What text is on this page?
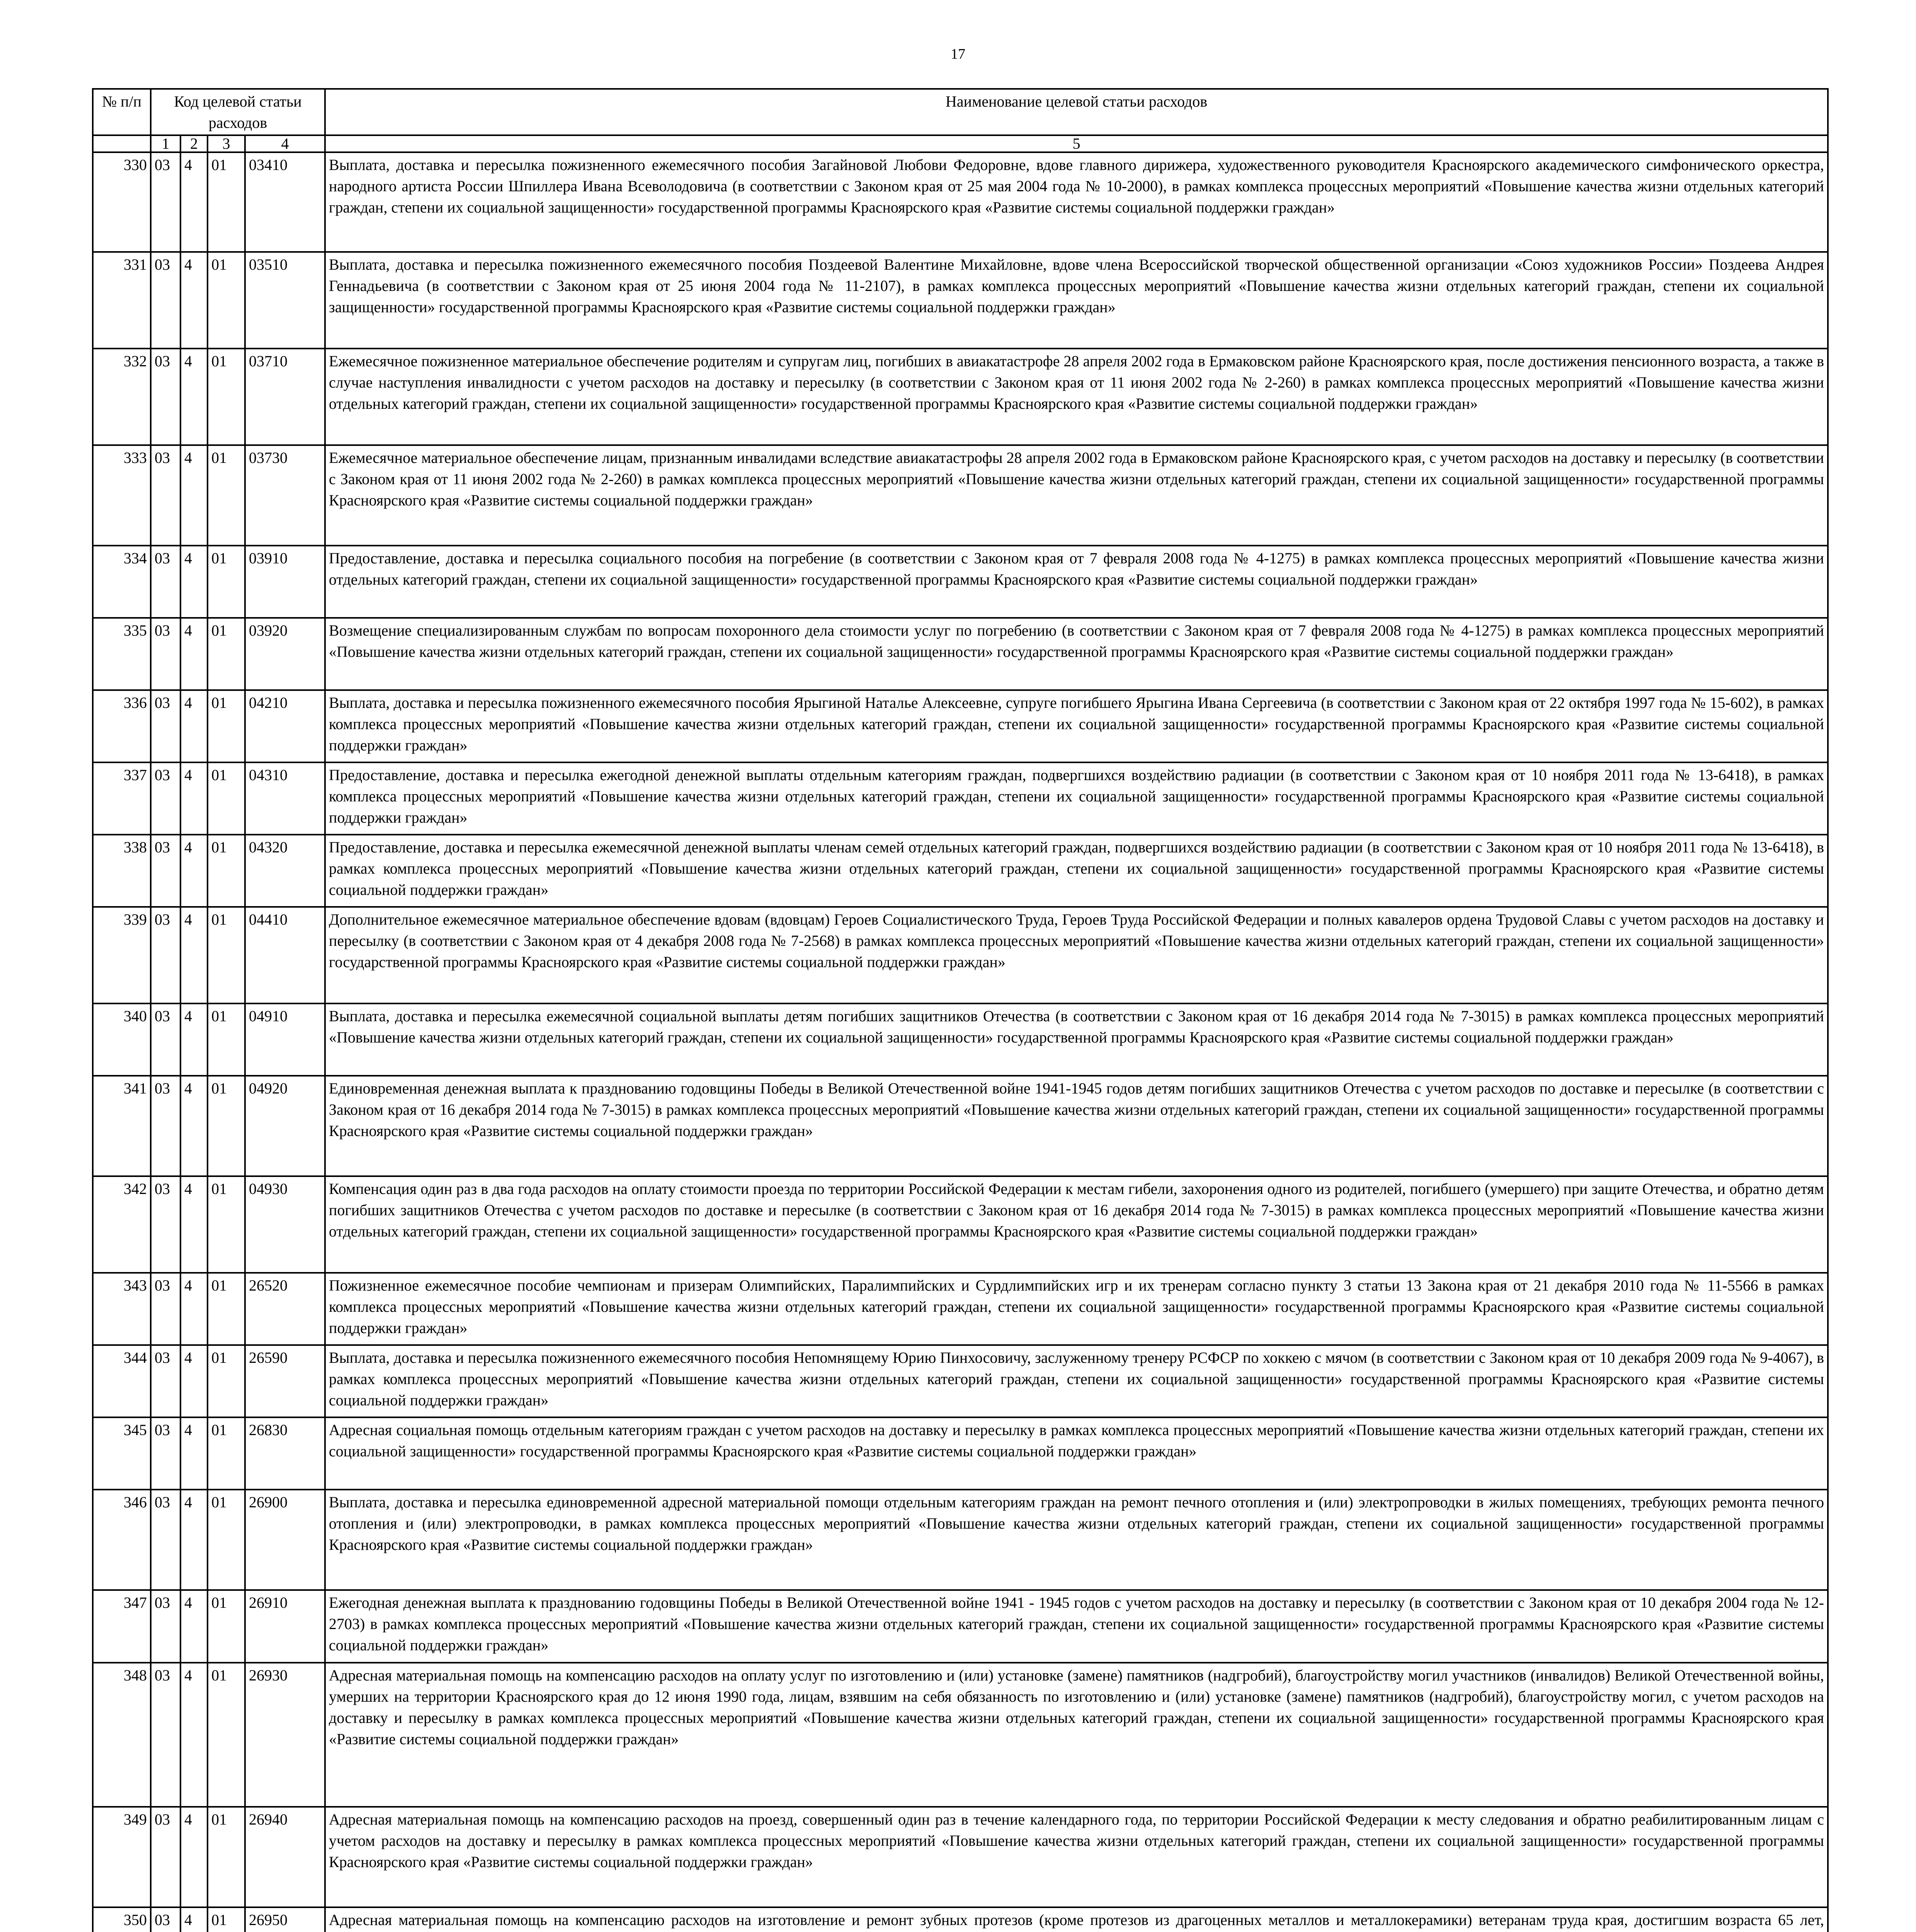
17
№ п/п	Код целевой статьи расходов				Наименование целевой статьи расходов

	1	2	3	4	5
330	03	4	01	03410	Выплата, доставка и пересылка пожизненного ежемесячного пособия Загайновой Любови Федоровне, вдове главного дирижера, художественного руководителя Красноярского академического симфонического оркестра, народного артиста России Шпиллера Ивана Всеволодовича (в соответствии с Законом края от 25 мая 2004 года № 10-2000), в рамках комплекса процессных мероприятий «Повышение качества жизни отдельных категорий граждан, степени их социальной защищенности» государственной программы Красноярского края «Развитие системы социальной поддержки граждан»
331	03	4	01	03510	Выплата, доставка и пересылка пожизненного ежемесячного пособия Поздеевой Валентине Михайловне, вдове члена Всероссийской творческой общественной организации «Союз художников России» Поздеева Андрея Геннадьевича (в соответствии с Законом края от 25 июня 2004 года № 11-2107), в рамках комплекса процессных мероприятий «Повышение качества жизни отдельных категорий граждан, степени их социальной защищенности» государственной программы Красноярского края «Развитие системы социальной поддержки граждан»
332	03	4	01	03710	Ежемесячное пожизненное материальное обеспечение родителям и супругам лиц, погибших в авиакатастрофе 28 апреля 2002 года в Ермаковском районе Красноярского края, после достижения пенсионного возраста, а также в случае наступления инвалидности с учетом расходов на доставку и пересылку (в соответствии с Законом края от 11 июня 2002 года № 2-260) в рамках комплекса процессных мероприятий «Повышение качества жизни отдельных категорий граждан, степени их социальной защищенности» государственной программы Красноярского края «Развитие системы социальной поддержки граждан»
333	03	4	01	03730	Ежемесячное материальное обеспечение лицам, признанным инвалидами вследствие авиакатастрофы 28 апреля 2002 года в Ермаковском районе Красноярского края, с учетом расходов на доставку и пересылку (в соответствии с Законом края от 11 июня 2002 года № 2-260) в рамках комплекса процессных мероприятий «Повышение качества жизни отдельных категорий граждан, степени их социальной защищенности» государственной программы Красноярского края «Развитие системы социальной поддержки граждан»
334	03	4	01	03910	Предоставление, доставка и пересылка социального пособия на погребение (в соответствии с Законом края от 7 февраля 2008 года № 4-1275) в рамках комплекса процессных мероприятий «Повышение качества жизни отдельных категорий граждан, степени их социальной защищенности» государственной программы Красноярского края «Развитие системы социальной поддержки граждан»
335	03	4	01	03920	Возмещение специализированным службам по вопросам похоронного дела стоимости услуг по погребению (в соответствии с Законом края от 7 февраля 2008 года № 4-1275) в рамках комплекса процессных мероприятий «Повышение качества жизни отдельных категорий граждан, степени их социальной защищенности» государственной программы Красноярского края «Развитие системы социальной поддержки граждан»
336	03	4	01	04210	Выплата, доставка и пересылка пожизненного ежемесячного пособия Ярыгиной Наталье Алексеевне, супруге погибшего Ярыгина Ивана Сергеевича (в соответствии с Законом края от 22 октября 1997 года № 15-602), в рамках комплекса процессных мероприятий «Повышение качества жизни отдельных категорий граждан, степени их социальной защищенности» государственной программы Красноярского края «Развитие системы социальной поддержки граждан»
337	03	4	01	04310	Предоставление, доставка и пересылка ежегодной денежной выплаты отдельным категориям граждан, подвергшихся воздействию радиации (в соответствии с Законом края от 10 ноября 2011 года № 13-6418), в рамках комплекса процессных мероприятий «Повышение качества жизни отдельных категорий граждан, степени их социальной защищенности» государственной программы Красноярского края «Развитие системы социальной поддержки граждан»
338	03	4	01	04320	Предоставление, доставка и пересылка ежемесячной денежной выплаты членам семей отдельных категорий граждан, подвергшихся воздействию радиации (в соответствии с Законом края от 10 ноября 2011 года № 13-6418), в рамках комплекса процессных мероприятий «Повышение качества жизни отдельных категорий граждан, степени их социальной защищенности» государственной программы Красноярского края «Развитие системы социальной поддержки граждан»
339	03	4	01	04410	Дополнительное ежемесячное материальное обеспечение вдовам (вдовцам) Героев Социалистического Труда, Героев Труда Российской Федерации и полных кавалеров ордена Трудовой Славы с учетом расходов на доставку и пересылку (в соответствии с Законом края от 4 декабря 2008 года № 7-2568) в рамках комплекса процессных мероприятий «Повышение качества жизни отдельных категорий граждан, степени их социальной защищенности» государственной программы Красноярского края «Развитие системы социальной поддержки граждан»
340	03	4	01	04910	Выплата, доставка и пересылка ежемесячной социальной выплаты детям погибших защитников Отечества (в соответствии с Законом края от 16 декабря 2014 года № 7-3015) в рамках комплекса процессных мероприятий «Повышение качества жизни отдельных категорий граждан, степени их социальной защищенности» государственной программы Красноярского края «Развитие системы социальной поддержки граждан»
341	03	4	01	04920	Единовременная денежная выплата к празднованию годовщины Победы в Великой Отечественной войне 1941-1945 годов детям погибших защитников Отечества с учетом расходов по доставке и пересылке (в соответствии с Законом края от 16 декабря 2014 года № 7-3015) в рамках комплекса процессных мероприятий «Повышение качества жизни отдельных категорий граждан, степени их социальной защищенности» государственной программы Красноярского края «Развитие системы социальной поддержки граждан»
342	03	4	01	04930	Компенсация один раз в два года расходов на оплату стоимости проезда по территории Российской Федерации к местам гибели, захоронения одного из родителей, погибшего (умершего) при защите Отечества, и обратно детям погибших защитников Отечества с учетом расходов по доставке и пересылке (в соответствии с Законом края от 16 декабря 2014 года № 7-3015) в рамках комплекса процессных мероприятий «Повышение качества жизни отдельных категорий граждан, степени их социальной защищенности» государственной программы Красноярского края «Развитие системы социальной поддержки граждан»
343	03	4	01	26520	Пожизненное ежемесячное пособие чемпионам и призерам Олимпийских, Паралимпийских и Сурдлимпийских игр и их тренерам согласно пункту 3 статьи 13 Закона края от 21 декабря 2010 года № 11-5566 в рамках комплекса процессных мероприятий «Повышение качества жизни отдельных категорий граждан, степени их социальной защищенности» государственной программы Красноярского края «Развитие системы социальной поддержки граждан»
344	03	4	01	26590	Выплата, доставка и пересылка пожизненного ежемесячного пособия Непомнящему Юрию Пинхосовичу, заслуженному тренеру РСФСР по хоккею с мячом (в соответствии с Законом края от 10 декабря 2009 года № 9-4067), в рамках комплекса процессных мероприятий «Повышение качества жизни отдельных категорий граждан, степени их социальной защищенности» государственной программы Красноярского края «Развитие системы социальной поддержки граждан»
345	03	4	01	26830	Адресная социальная помощь отдельным категориям граждан с учетом расходов на доставку и пересылку в рамках комплекса процессных мероприятий «Повышение качества жизни отдельных категорий граждан, степени их социальной защищенности» государственной программы Красноярского края «Развитие системы социальной поддержки граждан»
346	03	4	01	26900	Выплата, доставка и пересылка единовременной адресной материальной помощи отдельным категориям граждан на ремонт печного отопления и (или) электропроводки в жилых помещениях, требующих ремонта печного отопления и (или) электропроводки, в рамках комплекса процессных мероприятий «Повышение качества жизни отдельных категорий граждан, степени их социальной защищенности» государственной программы Красноярского края «Развитие системы социальной поддержки граждан»
347	03	4	01	26910	Ежегодная денежная выплата к празднованию годовщины Победы в Великой Отечественной войне 1941 - 1945 годов с учетом расходов на доставку и пересылку (в соответствии с Законом края от 10 декабря 2004 года № 12-2703) в рамках комплекса процессных мероприятий «Повышение качества жизни отдельных категорий граждан, степени их социальной защищенности» государственной программы Красноярского края «Развитие системы социальной поддержки граждан»
348	03	4	01	26930	Адресная материальная помощь на компенсацию расходов на оплату услуг по изготовлению и (или) установке (замене) памятников (надгробий), благоустройству могил участников (инвалидов) Великой Отечественной войны, умерших на территории Красноярского края до 12 июня 1990 года, лицам, взявшим на себя обязанность по изготовлению и (или) установке (замене) памятников (надгробий), благоустройству могил, с учетом расходов на доставку и пересылку в рамках комплекса процессных мероприятий «Повышение качества жизни отдельных категорий граждан, степени их социальной защищенности» государственной программы Красноярского края «Развитие системы социальной поддержки граждан»
349	03	4	01	26940	Адресная материальная помощь на компенсацию расходов на проезд, совершенный один раз в течение календарного года, по территории Российской Федерации к месту следования и обратно реабилитированным лицам с учетом расходов на доставку и пересылку в рамках комплекса процессных мероприятий «Повышение качества жизни отдельных категорий граждан, степени их социальной защищенности» государственной программы Красноярского края «Развитие системы социальной поддержки граждан»
350	03	4	01	26950	Адресная материальная помощь на компенсацию расходов на изготовление и ремонт зубных протезов (кроме протезов из драгоценных металлов и металлокерамики) ветеранам труда края, достигшим возраста 65 лет,
